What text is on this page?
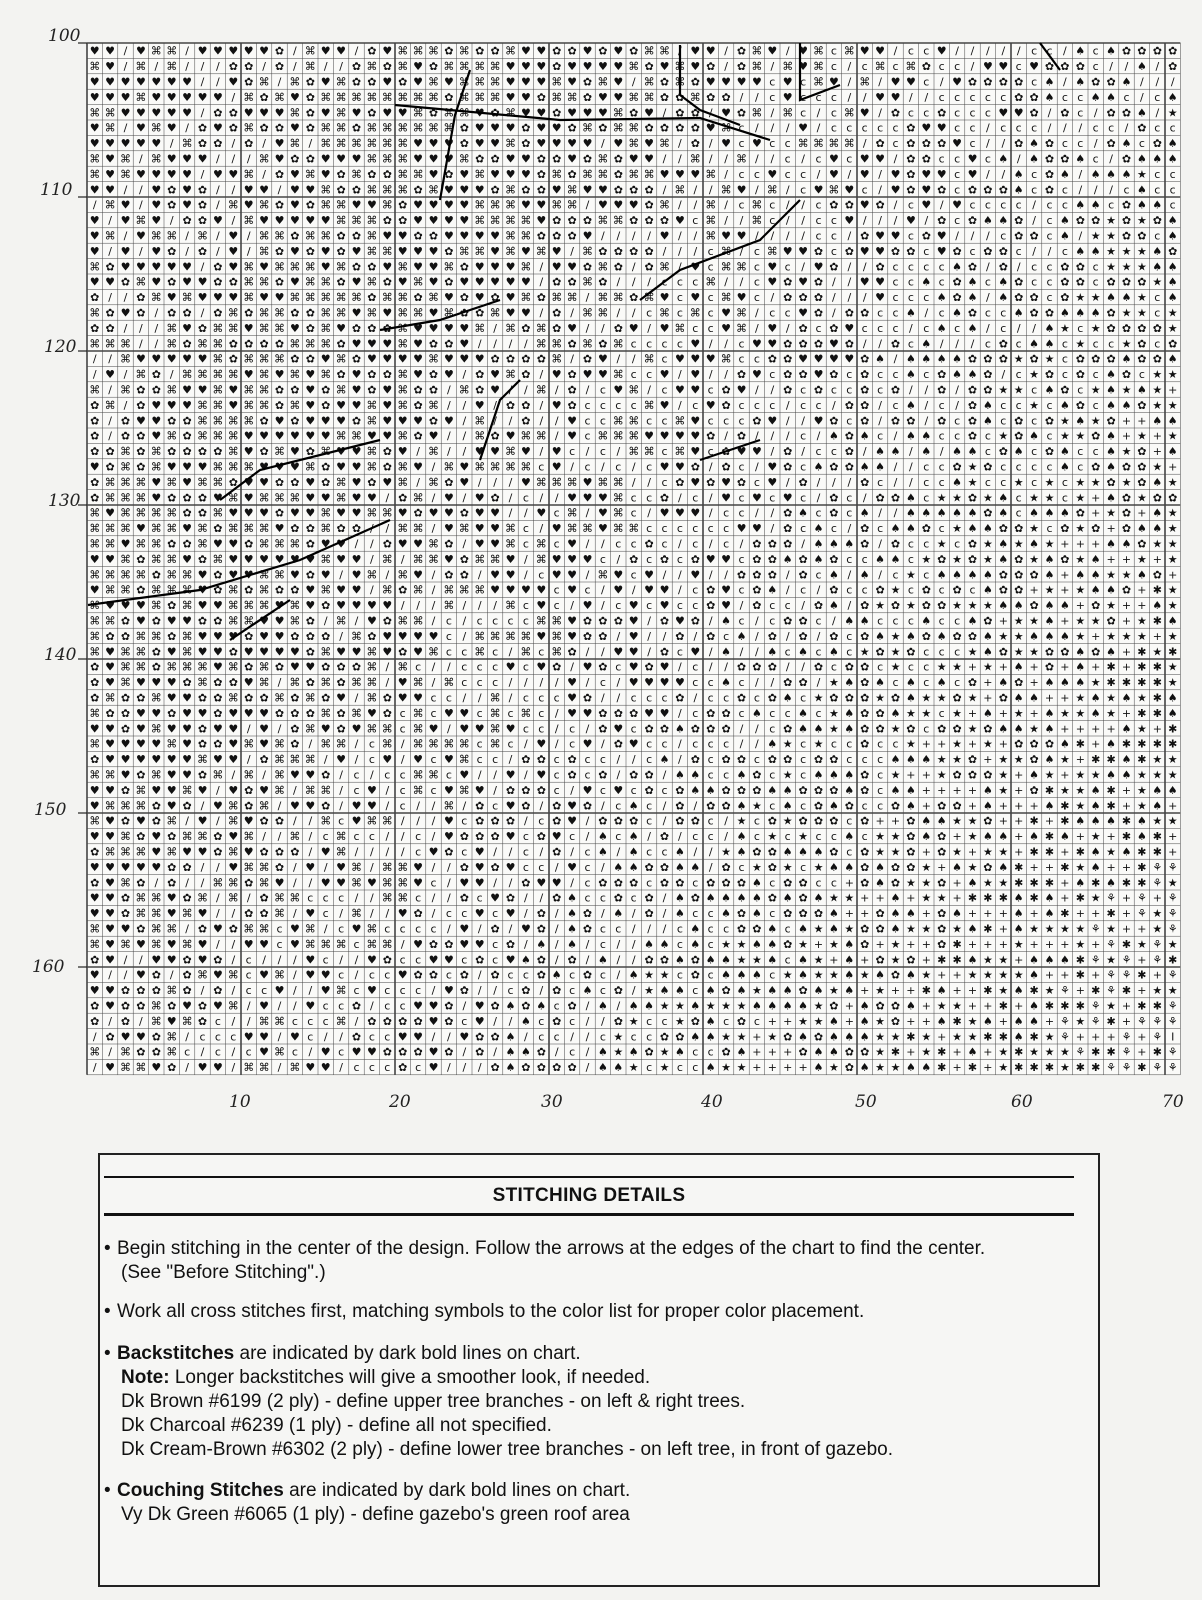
♥ ♥ / ♥ ⌘ ⌘ / ♥ ♥ ♥ ♥ ♥ ✿ / ⌘ ♥ ♥ / ✿ ♥ ⌘ ⌘ ⌘ ✿ ⌘ ✿ ✿ ⌘ ♥ ♥ ✿ ✿ ♥ ✿ ♥ ✿ ⌘ ⌘ / ♥ ♥ / ✿ ⌘ ♥ / ♥ ⌘ c ⌘ ♥ ♥ / c c ♥ / / / / / c c / ♠ c ♠ ✿ ✿ ✿ ✿
⌘ ♥ / ⌘ / ⌘ / / / ✿ ✿ / ✿ / ⌘ / / ✿ ⌘ ✿ ⌘ ♥ ✿ ⌘ ⌘ ⌘ ⌘ ♥ ♥ ♥ ✿ ♥ ♥ ♥ ♥ ⌘ ✿ ♥ ⌘ ♥ ✿ / ✿ ⌘ / ⌘ ♥ ⌘ c / c ⌘ c ⌘ ✿ c c / ♥ ♥ c ♥ ✿ ✿ ✿ c / / ♠ / ✿
♥ ♥ ♥ ♥ ♥ ♥ ♥ / / ♥ ✿ ⌘ / ⌘ ✿ ♥ ⌘ ✿ ✿ ♥ ✿ ♥ ⌘ ♥ ⌘ ⌘ ⌘ ♥ ♥ ♥ ⌘ ♥ ✿ ⌘ ♥ / ⌘ ✿ ⌘ ✿ ♥ ♥ ♥ ♥ c ♥ c ⌘ ♥ / ⌘ / ♥ ♥ c / ♥ ✿ ✿ ✿ ✿ c ♠ / ♠ ✿ ✿ ♠ / / /
♥ ♥ ♥ ⌘ ♥ ♥ ♥ ♥ ♥ / ⌘ ✿ ⌘ ♥ ✿ ⌘ ⌘ ⌘ ⌘ ⌘ ⌘ ⌘ ⌘ ✿ ⌘ ⌘ ⌘ ♥ ♥ ✿ ⌘ ⌘ ✿ ♥ ♥ ⌘ ⌘ ✿ ✿ ⌘ ✿ ✿ / / c ♥ c c c / / ♥ ♥ / / c c c c c ✿ ✿ ♠ c c ♠ ♠ c / c ♠
⌘ ⌘ ♥ ♥ ♥ ♥ ♥ / ✿ ✿ ♥ ♥ ♥ ⌘ ✿ ♥ ⌘ ♥ ✿ ♥ ♥ ⌘ ✿ ⌘ ⌘ ♥ ✿ ⌘ ♥ ♥ ✿ ♥ ♥ ♥ ⌘ ✿ ♥ / ✿ ✿ / ♥ ✿ ⌘ / ⌘ c / c ⌘ ♥ / ✿ c c ✿ c c c ♥ ♥ ✿ / ✿ c / ✿ ✿ ♠ / ★
♥ ⌘ / ♥ ⌘ ♥ / ✿ ♥ ✿ ⌘ ✿ ✿ ♥ ✿ ⌘ ⌘ ✿ ⌘ ⌘ ⌘ ⌘ ⌘ ⌘ ✿ ♥ ♥ ♥ ✿ ♥ ♥ ✿ ⌘ ✿ ⌘ ⌘ ✿ ✿ ✿ ✿ ♥ ⌘ c / / / ♥ / c c c c c ✿ ♥ ♥ c c / c c c / / / c c / ✿ c c
♥ ♥ ♥ ♥ ♥ / ⌘ ✿ ✿ / ✿ / ♥ ⌘ / ⌘ ⌘ ⌘ ⌘ ⌘ ⌘ ♥ ♥ ♥ ✿ ♥ ♥ ⌘ ✿ ♥ ♥ ♥ ♥ / ♥ ⌘ ♥ ⌘ / ✿ / ♥ c ♥ c c ⌘ ⌘ ⌘ ⌘ / ✿ c ✿ ✿ ✿ ♥ c / / ✿ ♠ ✿ c c / ✿ ♠ c ✿ ♠
⌘ ♥ ⌘ / ⌘ ♥ ♥ ♥ / / / ⌘ ♥ ✿ ✿ ♥ ♥ ♥ ⌘ ⌘ ⌘ ♥ ♥ ♥ ⌘ ✿ ✿ ♥ ♥ ✿ ✿ ♥ ✿ ⌘ ✿ ♥ ♥ / / ⌘ / / ⌘ / / c / c ♥ c ♥ ♥ / ✿ ✿ c c ♥ c ♠ / ♠ ✿ ✿ ♠ c / ✿ ♠ ♠ ♠
⌘ ♥ ⌘ ♥ ♥ ♥ ♥ / ♥ ♥ ⌘ / ✿ ♥ ⌘ ♥ ✿ ⌘ ✿ ✿ ⌘ ⌘ ♥ ✿ ♥ ⌘ ♥ ♥ ♥ ✿ ⌘ ✿ ⌘ ⌘ ✿ ⌘ ⌘ ♥ ♥ ♥ ⌘ / c c ♥ c c / ♥ / ♥ / ♥ ✿ ♥ ♥ c ♥ / / ♠ c ✿ ♠ / ♠ ♠ ♠ ★ c c
♥ ♥ / / ♥ ✿ ♥ ✿ / / ♥ ♥ / ♥ ♥ ⌘ ✿ ✿ ⌘ ⌘ ⌘ ✿ ⌘ ♥ ♥ ♥ ✿ ⌘ ✿ ✿ ♥ ⌘ ♥ ♥ ✿ ✿ ✿ / ⌘ / / ⌘ ♥ / ⌘ / c ♥ ⌘ ♥ c / ♥ ✿ ♥ ✿ c ✿ ✿ ✿ ♠ c ✿ c / / / c ♠ c c
/ ⌘ ♥ / ♥ ✿ ♥ ✿ / ⌘ ♥ ⌘ ✿ ♥ ✿ ⌘ ⌘ ♥ ♥ ⌘ ✿ ♥ ♥ ♥ ♥ ⌘ ⌘ ⌘ ♥ ♥ ⌘ ⌘ / ♥ ♥ ♥ ✿ ⌘ / / ⌘ / c ⌘ c / / c ✿ ✿ ♥ ✿ / c ♥ / ♥ c c c c / c c ♠ ♠ c ✿ ♠ ♠ c
♥ / ♥ ⌘ ♥ / ✿ ✿ ♥ / ⌘ ♥ ♥ ♥ ♥ ♥ ⌘ ⌘ ⌘ ✿ ✿ ♥ ♥ ♥ ♥ ⌘ ⌘ ⌘ ⌘ ♥ ✿ ✿ ✿ ⌘ ⌘ ✿ ✿ ✿ ♥ c ⌘ / / ⌘ c / / c c ♥ / / / ♥ / ✿ c ✿ ♠ ♠ ✿ / c ♠ ✿ ✿ ★ ✿ ★ ✿ ♠
♥ ⌘ / ♥ ⌘ ⌘ / ⌘ / ♥ / ⌘ ⌘ ✿ ⌘ ⌘ ✿ ✿ ⌘ ♥ ♥ ✿ ✿ ♥ ♥ ♥ ♥ ⌘ ⌘ ✿ ✿ ✿ ♥ / / / / ♥ / / ⌘ ♥ ♥ / / / / c c / ✿ ♥ ♥ c ✿ ♥ / / / c ✿ ✿ c ♠ / ★ ★ ✿ ✿ c ♠
♥ / ♥ / ♥ ✿ / ✿ / ♥ / ⌘ ✿ ♥ ✿ ♥ ✿ ♥ ⌘ ⌘ ♥ ♥ ♥ ✿ ⌘ ⌘ ♥ ⌘ ♥ ⌘ ♥ / ⌘ ✿ ✿ ✿ ✿ / / / c ⌘ / c ⌘ ♥ ♥ ✿ c ✿ ♥ ♥ ✿ ✿ c ♥ ✿ c ✿ ✿ c / / c ♠ ♠ ★ ★ ★ ♠ ✿
⌘ ✿ ♥ ♥ ♥ ♥ ♥ / ✿ ♥ ⌘ ♥ ⌘ ⌘ ⌘ ♥ ⌘ ✿ ✿ ♥ ⌘ ♥ ♥ ⌘ ✿ ♥ ♥ ♥ ⌘ / ♥ ♥ ✿ ⌘ ✿ / ✿ ⌘ / ♥ c ⌘ ⌘ c ♥ c / ♥ ✿ / / ✿ c c c c ♠ ✿ / ✿ / c c ✿ ✿ c ★ ★ ★ ♠ ♠
♥ ♥ ✿ ⌘ ♥ ✿ ♥ ♥ ✿ ✿ ⌘ ⌘ ✿ ♥ ⌘ ⌘ ✿ ♥ ⌘ ✿ ♥ ⌘ ♥ ✿ ♥ ♥ ♥ ♥ ♥ / ✿ ✿ ⌘ ✿ / / / c c c ⌘ / / c ♥ ✿ ♥ ✿ / / ♥ ♥ c c ♠ c ✿ ♠ c ♠ ✿ c c ✿ ✿ c ✿ ✿ ✿ ★ ♠
✿ / / ✿ ⌘ ♥ ⌘ ♥ ♥ ♥ ⌘ ♥ ♥ ⌘ ⌘ ⌘ ⌘ ⌘ ✿ ⌘ ⌘ ✿ ⌘ ♥ ✿ ♥ ✿ ♥ ⌘ ✿ ⌘ ⌘ / ⌘ ⌘ ✿ ⌘ ♥ c ♥ c ⌘ ♥ c / ✿ ✿ ✿ / / / ♥ c c c ♠ ✿ ♠ / ♠ ✿ ✿ c ✿ ★ ★ ♠ ♠ ★ c ♠
⌘ ✿ ♥ ✿ / ✿ ✿ / ✿ ⌘ ✿ ⌘ ⌘ ✿ ✿ ⌘ ⌘ ♥ ⌘ ♥ ⌘ ⌘ ♥ ⌘ ✿ ✿ ⌘ ♥ ♥ / ✿ / ⌘ ⌘ / / c ⌘ c ⌘ c ♥ ⌘ / c c ♥ ✿ / ✿ ✿ c c ♠ / c ♠ ✿ c c ♠ ✿ ✿ ♠ ♠ ♠ ✿ ★ ★ c ★
✿ ✿ / / / ⌘ ♥ ✿ ⌘ ⌘ ♥ ⌘ ⌘ ♥ ✿ ⌘ ♥ ✿ ✿ ✿ ⌘ ♥ ♥ ♥ ♥ ⌘ / ⌘ ✿ ⌘ ✿ ♥ / / ✿ ♥ / ♥ ⌘ c c ♥ ⌘ / ♥ / ✿ c ✿ ♥ c c c / c ♠ c ♠ / c / / ♠ ★ c ★ ✿ ✿ ✿ ✿ ★
⌘ ⌘ ⌘ / / ⌘ ✿ ⌘ ⌘ ✿ ✿ ✿ ✿ ⌘ ⌘ ⌘ ✿ ♥ ♥ ♥ ⌘ ♥ ✿ ✿ ♥ / / / / ⌘ ⌘ ✿ ⌘ ✿ ⌘ c c c c ♥ / / c ♥ ♥ ✿ ✿ ✿ ♥ ✿ / / ✿ c ♠ / / / c ✿ c ♠ ♠ c ★ c c ★ ✿ c ✿
/ / ⌘ ♥ ♥ ♥ ♥ ♥ ⌘ ✿ ⌘ ⌘ ⌘ ✿ ✿ ♥ ⌘ ✿ ♥ ♥ ♥ ♥ ⌘ ♥ ♥ ♥ ✿ ✿ ✿ ✿ ⌘ / ✿ ♥ / / ⌘ c ♥ ♥ ♥ ⌘ c c ✿ ✿ ♥ ♥ ♥ ♥ ✿ ♠ / ♠ ♠ ♠ ♠ ✿ ✿ ✿ ★ ✿ ★ c ✿ ✿ ✿ ♠ ✿ ✿ ♠
/ ♥ / ⌘ ✿ / ⌘ ⌘ ⌘ ⌘ ♥ ⌘ ♥ ⌘ ♥ ⌘ ✿ ♥ ✿ ✿ ⌘ ♥ ✿ ♥ / ✿ ♥ ⌘ ✿ / ♥ ✿ ♥ ♥ ⌘ c c ♥ / ♥ / / ✿ ♥ c ✿ ✿ ♥ ✿ c ✿ c c ♠ c ✿ ♠ ♠ ✿ / c ★ ✿ c ✿ c ♠ ✿ c ★ ★
⌘ / ⌘ ✿ ✿ ⌘ ♥ ♥ ⌘ ♥ ⌘ ⌘ ✿ ✿ ♥ ✿ ⌘ ♥ ✿ ♥ ⌘ ✿ ✿ / ⌘ ✿ ♥ / / ⌘ / ✿ / c ♥ ⌘ / c ♥ ♥ c ✿ ♥ / / ✿ c ✿ c c ✿ c ✿ / / ✿ / ✿ ✿ ★ ★ c ♠ ✿ c ★ ♠ ★ ♠ ★ +
✿ ⌘ / ✿ ♥ ♥ ♥ ⌘ ⌘ ♥ ⌘ ⌘ ✿ ⌘ ♥ ✿ ♥ ♥ ⌘ ♥ ⌘ ✿ ⌘ / / ♥ / ✿ ✿ / ♥ ✿ c c c c ⌘ ♥ / c ♥ ✿ c c c / c c / ✿ ✿ / c ♠ / c / ✿ ♠ c c ★ c ♠ ✿ c ♠ ♠ ✿ ★ ★
✿ / ✿ ♥ ♥ ✿ ✿ ⌘ ⌘ ⌘ ⌘ ✿ ♥ ✿ ♥ ♥ ♥ ✿ ⌘ ♥ ♥ ♥ ✿ ♥ / ⌘ / / ✿ / / ♥ c c ⌘ ⌘ c c ⌘ ♥ c c c ✿ ♥ / / ♥ ✿ c ✿ / ✿ ✿ / ✿ c ✿ ♠ c ✿ c ✿ ★ ♠ ★ ✿ + + ♠ ♠
✿ / ✿ ✿ ♥ ⌘ ✿ ⌘ ⌘ ⌘ ♥ ♥ ♥ ♥ ♥ ♥ ⌘ ⌘ ♥ ♥ ⌘ ✿ ♥ / / ⌘ ✿ ♥ ⌘ ⌘ / ♥ c ⌘ ⌘ ⌘ ♥ ♥ ♥ ♥ ✿ / ✿ / / / c / ♠ ✿ ♠ c / ♠ ♠ c c ✿ c ★ ✿ ♠ c ★ ★ ✿ ♠ + ★ + ★
✿ ✿ ⌘ ✿ ⌘ ✿ ✿ ✿ ✿ ⌘ ♥ ✿ ⌘ ♥ ✿ ⌘ ♥ ♥ ⌘ ✿ ♥ / ⌘ / / ♥ ♥ ⌘ ♥ / ♥ c / c / ⌘ ⌘ c ⌘ ♥ c ✿ ♥ ♥ / ✿ / c c ✿ / ♠ ♠ / ♠ / ♠ ♠ c ✿ ♠ c ✿ ♠ c c ♠ ★ ✿ + ♠
♥ ✿ ⌘ ✿ ⌘ ♥ ♥ ♥ ⌘ ⌘ ⌘ ♥ ♥ ♥ ⌘ ✿ ♥ ♥ ⌘ ✿ ⌘ ♥ / ⌘ ♥ ⌘ ⌘ ⌘ ⌘ c ♥ / c / c / c ♥ ♥ ✿ / ✿ c / ♥ ✿ c ♠ ✿ ✿ ♠ ♠ / / c c ✿ ★ ✿ c c c c ♠ c ✿ ♠ ✿ ✿ ★ +
✿ ⌘ ⌘ ⌘ ♥ ⌘ ♥ ⌘ ⌘ ✿ ♥ ♥ ✿ ✿ ♥ ✿ ⌘ ♥ ✿ ♥ ⌘ / ⌘ ✿ ♥ / / / ♥ ⌘ ⌘ ⌘ ♥ ⌘ ⌘ / / c ✿ ♥ ✿ ♥ ✿ c ♥ / ✿ / / / ✿ c / / c c ♠ ★ c c ★ c ★ c ★ ★ ✿ ★ ✿ ♠ ★
✿ ⌘ ⌘ ⌘ ♥ ✿ ✿ ✿ ♥ ⌘ ♥ ⌘ ⌘ ⌘ ♥ ♥ ⌘ ♥ ♥ / ✿ ⌘ / ♥ / ♥ ✿ / c / / ♥ ♥ ♥ ⌘ c c ✿ / c / ♥ c ♥ c ♥ c / ✿ c / ✿ ✿ ♠ c ★ ★ ✿ ★ ♠ c ★ ★ c ★ + ♠ ✿ ★ ✿ ✿
⌘ ♥ ⌘ ⌘ ⌘ ⌘ ✿ ✿ ⌘ ♥ ♥ ♥ ✿ ♥ ♥ ⌘ ♥ ♥ ⌘ ⌘ ♥ ✿ ♥ ♥ ✿ ♥ ♥ / / ♥ c ⌘ / ♥ ⌘ c / ♥ ♥ ♥ / c c / / ✿ ♠ c ✿ c ♠ / / ♠ ♠ ♠ ♠ ♠ ✿ ♠ c ♠ ♠ ♠ ✿ + ★ ✿ + ♠ ★
⌘ ⌘ ⌘ ♥ ⌘ ⌘ ♥ ⌘ ✿ ⌘ ⌘ ⌘ ♥ ✿ ✿ ⌘ ✿ ✿ / / ⌘ ⌘ / ♥ ⌘ ♥ ♥ ⌘ c / ♥ ⌘ ⌘ ♥ ⌘ ⌘ c c c c c c ♥ ♥ / ✿ c ♠ c / ✿ c ♠ ♠ ✿ c ★ ♠ ♠ ✿ ✿ ★ c ✿ ★ ✿ + ✿ ♠ ♠ ★
⌘ ⌘ ♥ ⌘ ⌘ ✿ ✿ ⌘ ♥ ♥ ✿ ⌘ ⌘ ⌘ ✿ ♥ ♥ / / ✿ ♥ ♥ ⌘ ✿ / ♥ ♥ ⌘ c ⌘ c ♥ / / c c ✿ c / c / c / ✿ ✿ ✿ / ♠ ♠ ♠ ✿ / ✿ c c ★ c ✿ ★ ♠ ★ ♠ ★ + + + ♠ ♠ ✿ ★ ★
♥ ♥ ⌘ ✿ ⌘ ⌘ ♥ ✿ ⌘ ♥ ♥ ♥ ♥ ♥ ♥ ⌘ ♥ ♥ / ⌘ / ⌘ ⌘ ♥ ✿ ⌘ ⌘ ♥ / ⌘ ♥ ♥ ♥ c / ✿ c ✿ c ✿ ♥ ♥ c ✿ ✿ ♠ ✿ ♠ ✿ c c ♠ ♠ c ★ ✿ ★ ✿ ★ ♠ ✿ ★ ♠ ✿ ★ ♠ + + ★ + ★
⌘ ⌘ ⌘ ⌘ ✿ ⌘ ⌘ ♥ ✿ ♥ ♥ ⌘ ⌘ ♥ ✿ ♥ / ♥ ⌘ / ⌘ ♥ / ✿ ✿ / ♥ ♥ / c ♥ ♥ / ⌘ ♥ c ♥ / / ♥ / / ✿ ✿ ✿ / ✿ c ♠ / ♠ / c ★ c ♠ ♠ ♠ ♠ ✿ ✿ ✿ ♠ + ♠ ♠ ★ ★ ♠ ✿ +
♥ ⌘ ⌘ ✿ ⌘ ⌘ ⌘ ♥ ✿ ⌘ ✿ ⌘ ✿ ✿ ♥ ⌘ ♥ ♥ / ⌘ ✿ ⌘ / ⌘ ⌘ ⌘ ♥ ♥ ♥ ♥ c ♥ c / ♥ / ♥ ♥ / c ✿ ♥ c ✿ ♠ / c / ✿ c c ✿ ★ c ✿ c ✿ c ♠ ✿ ✿ + ★ + ★ ♠ ♠ ✿ + ✱ ★
⌘ ♥ ♥ ♥ ⌘ ✿ ⌘ ♥ ♥ ⌘ ⌘ ⌘ ♥ ⌘ ♥ ✿ ♥ ♥ ♥ ♥ / / / ⌘ / / / ⌘ c ♥ c / ♥ / c ♥ c ♥ c c ✿ ♥ / ✿ c c / ✿ ♠ / ✿ ★ ✿ ★ ✿ ✿ ★ ★ ★ ♠ ♠ ✿ ♠ ♠ + ✿ ★ + + ♠ ★
⌘ ⌘ ✿ ♥ ✿ ♥ ♥ ✿ ✿ ⌘ ⌘ ♥ ♥ ⌘ ✿ / ⌘ / ♥ ✿ ⌘ ⌘ / c / c c c c ⌘ ⌘ ♥ ✿ ✿ ✿ ♥ / ✿ ♥ ✿ / ♠ c / c ✿ ✿ c / ♠ ♠ c c c ♠ c c ♠ ✿ + ★ ★ ♠ + ★ ★ ✿ + ★ ✱ ♠
⌘ ✿ ✿ ⌘ ⌘ ✿ ⌘ ♥ ♥ ♥ ✿ ♥ ♥ ✿ ✿ ✿ / ⌘ ✿ ♥ ♥ ♥ ♥ c / ⌘ ⌘ ⌘ ⌘ ♥ ⌘ ♥ ✿ ✿ / ♥ / / ✿ / ✿ c ♠ / ✿ / ✿ / ✿ c ✿ ♠ ★ ♠ ✿ ♠ ✿ ✿ ♠ ★ ★ ♠ ♠ ♠ ★ + ★ ★ ★ + ★
⌘ ♥ ⌘ ⌘ ✿ ♥ ⌘ ♥ ♥ ✿ ♥ ♥ ♥ ♥ ✿ ⌘ ♥ ♥ ⌘ ♥ ✿ ♥ ⌘ c c ⌘ c / ⌘ c ⌘ ✿ / / ♥ ♥ / ✿ c ♥ / ♠ / / ♠ c ♠ c ♠ c ★ ✿ ★ ✿ c c c ★ ♠ ✿ ★ ★ ✿ ✿ ♠ ✿ ♠ + ✱ ★ ✱
✿ ♥ ⌘ ⌘ ✿ ⌘ ⌘ ⌘ ♥ ⌘ ✿ ⌘ ✿ ♥ ♥ ✿ ✿ ✿ ⌘ / ⌘ c / / c c c ♥ c ♥ ✿ / ♥ ✿ c ♥ ✿ ♥ / c / / ✿ ✿ ✿ / / ✿ c ✿ ✿ c ★ c c ★ ★ + ★ + ♠ + ✿ + ♠ + ✱ + ✱ ✱ ★
✿ ♥ ⌘ ♥ ♥ ♥ ✿ ⌘ ✿ ✿ ♥ ⌘ / ⌘ ✿ ⌘ ✿ ⌘ ⌘ / ♥ ⌘ / ⌘ c c c / / / / ♥ / c / ♥ ♥ ♥ ♥ c c ♠ c / / ✿ ✿ / ★ ♠ ✿ ♠ c ♠ c ♠ c ✿ + ♠ ✿ + ♠ ♠ ♠ ★ ✱ ✱ ✱ ✱ ★
✿ ⌘ ✿ ✿ ⌘ ♥ ♥ ✿ ✿ ⌘ ✿ ✿ ⌘ ✿ ⌘ ✿ ♥ / ⌘ ✿ ♥ ♥ c c / / ⌘ / c c c ♥ ✿ / / c c c ✿ / c c ✿ c ✿ ♠ c ★ ✿ ✿ ✿ ★ ✿ ♠ ★ ★ ✿ ★ + ✿ ♠ ♠ + + ★ ♠ ★ ♠ ★ ✱ ♠
⌘ ✿ ✿ ♥ ♥ ✿ ♥ ♥ ✿ ♥ ♥ ♥ ✿ ✿ ✿ ⌘ ✿ ⌘ ♥ ✿ c ⌘ c ♥ ♥ c ⌘ c ⌘ c / ♥ ♥ ✿ ✿ ✿ ♥ ♥ / c ✿ ✿ c ♠ c c ♠ c ★ ♠ ✿ ✿ ♠ ★ ★ c ★ + ♠ + ★ + ♠ ★ ★ ♠ ★ + ✱ ✱ ♠
♥ ♥ ✿ ♥ ⌘ ♥ ♥ ✿ ♥ ♥ / ♥ / ✿ ⌘ ♥ ✿ ♥ ⌘ ⌘ c ⌘ ♥ / ♥ ♥ ⌘ ♥ c c / c / ✿ ♥ c ✿ ✿ ♠ ✿ ✿ ✿ / / c ✿ ♠ ♠ ★ ♠ ✿ ✿ ★ ✿ c ✿ ✿ ★ ✿ ♠ ♠ ★ ♠ + + + + ♠ ★ + ✱
⌘ ♥ ♥ ♥ ♥ ⌘ ♥ ✿ ✿ ♥ ⌘ ♥ ⌘ ✿ / ⌘ ⌘ / c ⌘ / ⌘ ⌘ ⌘ ⌘ c ⌘ c / ♥ / c ♥ / ✿ ♥ c c / c c c / / ♠ ★ c ★ c c ✿ c c ★ + + ★ + ★ + ✿ ✿ ✿ ♠ ✱ + ♠ ✱ ✱ ✱ ✱
✿ ♥ ♥ ♥ ♥ ♥ ♥ ⌘ ♥ ♥ / ✿ ⌘ ⌘ ⌘ / ♥ / c ♥ / ♥ c ♥ ⌘ c c / ✿ ✿ c ✿ c c / / c ♠ / ✿ c ✿ ✿ c ✿ ✿ c ✿ ✿ c c c ♠ ♠ ♠ ★ ★ ✿ + ★ ★ ✿ ♠ ★ + ✱ ✱ ♠ ✱ ★ ★
⌘ ⌘ ♥ ✿ ⌘ ♥ ♥ ✿ ⌘ / ⌘ / ⌘ ♥ ♥ ✿ / c / c c ⌘ ⌘ c ♥ / / ♥ / ♥ c ✿ c ✿ / ✿ ✿ / ♠ ♠ c c ♠ ✿ c ★ c ♠ ♠ ♠ ✿ c ★ + + ★ ✿ ✿ ✿ ★ + ♠ ★ + ★ ★ ♠ ♠ ★ ★ ★
♥ ♥ ✿ ⌘ ♥ ♥ ⌘ ♥ / ♥ ✿ ♥ ⌘ / ⌘ ⌘ / c ♥ / c ⌘ c ♥ ⌘ ♥ / ✿ ✿ ✿ c / ♥ c ♥ c ✿ c ✿ ♠ ♠ ✿ ✿ ✿ ♠ ♠ ✿ ✿ ✿ ♠ ✿ c ♠ ♠ + + + + ♠ ★ + ✿ ✱ ★ ★ ♠ ✱ + ★ ♠ ♠
♥ ⌘ ⌘ ⌘ ✿ ♥ ✿ / ♥ ⌘ ✿ ⌘ / ♥ ♥ ✿ / ♥ ♥ / c / / ⌘ / ✿ c ♥ ✿ / ✿ ♥ ✿ / c ♠ c / ✿ / ✿ ✿ ♠ ★ c ♠ c ✿ ♠ ✿ c c ✿ ♠ + ✿ ✿ + ♠ + + + ♠ ✱ ★ ♠ ✱ + ★ ♠ +
⌘ ♥ ✿ ♥ ✿ ⌘ / ♥ / ⌘ ♥ ✿ ✿ / / ⌘ c ♥ ⌘ ⌘ / / / ♥ c ✿ ✿ ✿ / c ✿ ♥ / ✿ ✿ ✿ c / ✿ ✿ c / ★ c ✿ ★ ✿ ✿ ✿ c ✿ + + ✿ ♠ ♠ ★ ★ ✿ + + ✱ + ✱ ♠ ♠ ♠ ✱ ♠ ★ ★
♥ ♥ ⌘ ✿ ♥ ✿ ⌘ ⌘ ✿ ♥ ⌘ / / ⌘ / c ⌘ c c / / c / ♥ ✿ ✿ ✿ ♥ c ✿ ♥ c / ♠ c ♠ / ✿ / c c / ♠ c ★ c ★ c c ♠ c ★ ★ ✿ ♠ ✿ + ★ ♠ ♠ + ♠ ✱ ♠ + ★ + ✱ ♠ ✱ +
✿ ⌘ ⌘ ⌘ ♥ ⌘ ♥ ♥ ✿ ⌘ ♥ ✿ ✿ ✿ / ♥ ⌘ / / / / c ♥ ✿ c ♥ / / c / ✿ / c ♠ / ♠ c c ♠ / / ★ ♠ ✿ ✿ ♠ ♠ ♠ ✿ c ✿ ★ ★ ✿ + ✿ ★ + ★ ★ + ✱ ✱ + ✱ ♠ ★ ♠ ✱ ✱ +
♥ ♥ ♥ ♥ ♥ ✿ ✿ / / ♥ ⌘ ⌘ ✿ / ♥ / ♥ ⌘ / ⌘ ⌘ ♥ / / ✿ ♥ ✿ ♥ c c / ♥ c / ♠ ♠ ✿ ✿ ♠ ♠ / ✿ c ★ ✿ ★ c ★ ♠ ♠ ✿ ♠ ✿ ✿ ★ + ♠ ★ ✿ ♠ ✱ + + ✱ ★ ♠ + + ✱ ⚘ ⚘
✿ ♥ ⌘ ✿ / ✿ / / ⌘ ⌘ ✿ ⌘ ♥ / / ♥ ♥ ⌘ ♥ ⌘ ⌘ ♥ c / ♥ ♥ / / ✿ ♥ ♥ / c ✿ ✿ ✿ c ✿ ✿ c ✿ ✿ ✿ ♠ c ✿ ✿ c c + ✿ ♠ ✿ ★ ★ ✿ + ♠ ★ ★ ✱ ✱ ✱ + ♠ ✱ ♠ ✱ ✱ ⚘ ★
♥ ♥ ✿ ⌘ ⌘ ♥ ✿ ⌘ / ⌘ / ✿ ⌘ ⌘ c c c / / ⌘ ⌘ c / / ✿ c ♥ ✿ / / ✿ ♠ c c ✿ c ✿ / ♠ ✿ ♠ ♠ ♠ ♠ ✿ ♠ ✿ ♠ ★ ★ + + ♠ + ★ ★ + ✱ ✱ ✱ ♠ ✱ ♠ + ✱ ★ ⚘ + ⚘ + ⚘
♥ ♥ ✿ ⌘ ⌘ ♥ ⌘ ♥ / / ✿ ✿ ⌘ / ♥ c / ⌘ / / ♥ ✿ / c c ♥ c ♥ / ✿ / ♠ ✿ / ♠ / ✿ / ♠ c c ♠ ✿ ♠ c ✿ ✿ ✿ ♠ + + ✿ ♠ ♠ + ✿ ♠ + + + ♠ + ♠ ✱ + + ✱ + ⚘ ★ ⚘
⌘ ♥ ♥ ✿ ⌘ ⌘ / ✿ ♥ ✿ ⌘ ⌘ c ♥ ⌘ / c ♥ ⌘ c c c c / ♥ / ✿ / ♥ ✿ / ♠ ✿ c c / / / c ♠ c c ✿ ✿ ♠ c ♠ ★ ♠ ★ ✿ ✿ ♠ ★ ★ ✿ ★ ♠ ✱ + ♠ ★ ★ ★ ★ ⚘ ★ + + ★ ⚘
⌘ ♥ ⌘ ♥ ⌘ ♥ ⌘ ♥ / / ♥ ♥ c ♥ ⌘ ⌘ ⌘ c ⌘ ⌘ / ♥ ✿ ✿ ♥ ♥ c ✿ / ♠ / ♠ / c / / ♠ ♠ c ♠ c ★ ★ ♠ ♠ ✿ ★ + ★ ♠ ✿ + ★ + + ✿ ✱ + + + ★ + + + ★ + ⚘ ✱ ★ ⚘ ★
✿ ♥ / / ♥ ♥ ✿ ♥ ✿ / c / / / ♥ c / / ♥ ✿ c c ♥ ♥ c ✿ c ♥ ♠ ✿ / ✿ / ♠ / / ✿ ✿ ♠ ✿ ♠ ♠ ★ ★ ♠ c ♠ ★ + ♠ + ✿ ★ ✿ + ✱ ✱ ♠ ★ ★ + ♠ ♠ ♠ ✱ ⚘ ★ ⚘ + ⚘ ✱
♥ / / ♥ ✿ / ✿ ⌘ ♥ ⌘ c ♥ ⌘ / ♥ ♥ c / c c ♥ ✿ ✿ c ✿ / ✿ c c ✿ ♠ c ✿ c / ♠ ★ ★ c ✿ c ♠ ♠ ♠ c ★ ♠ ★ ★ ♠ ★ ♠ ✿ ♠ ★ + + ★ ★ ★ ★ ♠ + + ✱ + ⚘ ⚘ ✱ + ⚘
♥ ♥ ✿ ✿ ✿ ⌘ ✿ / ✿ / c c ♥ / / ♥ ⌘ c ♥ c c c / ♥ ✿ / / c ✿ / ✿ c ♠ c ✿ / ★ ♠ ♠ c ♠ ✿ ♠ ★ ♠ ♠ ✿ ♠ ★ ♠ + ★ + + ✱ ♠ + + ✱ ★ ♠ ✱ ★ ⚘ + ✱ ⚘ ✱ + ★ ★
✿ ♥ ✿ ✿ ⌘ ✿ ♥ ✿ ♥ ⌘ / ♥ / / ♥ c c ✿ / c c ♥ ♥ ✿ / ♥ ✿ ♠ ✿ ♠ c ✿ / ♠ / ♠ ♠ ★ ★ ♠ ★ ★ ★ ♠ ♠ ♠ ♠ ★ ✿ + ♠ ✿ ✿ ♠ + ★ ★ + + ✱ + ♠ ✱ ✱ ✱ ⚘ ★ + ✱ ✱ ⚘
✿ / ✿ / ⌘ ♥ ⌘ ✿ c / / ⌘ ⌘ c c c ⌘ / ✿ ✿ ✿ ✿ ♥ ✿ c ♥ / / ♠ c ✿ c / / ✿ ★ c c ★ ✿ ♠ c ✿ c + + ★ ★ ♠ + ♠ ★ ✿ + + ♠ ✱ ★ ♠ + ♠ ♠ + ⚘ ★ ⚘ ✱ + ⚘ ⚘ ⚘
/ ✿ ♥ ♥ ✿ ⌘ / c c c ♥ ♥ / ♥ c / / ✿ c c ♥ ♥ / / ♥ ✿ ✿ ♠ / c c / / c ★ c c ✿ ✿ ♠ ♠ ★ ★ + ★ ✿ ♠ ✿ ♠ ♠ ♠ ★ ★ ✱ ★ + ★ ★ ✱ ✱ ♠ ✱ ★ ⚘ + + + ⚘ + ⚘ I
⌘ / ⌘ ✿ ✿ ⌘ c / c / c ♥ ⌘ c / ♥ c ♥ ♥ ✿ ✿ ✿ ♥ ✿ / ✿ / ♠ ♠ ✿ / c / ♠ ★ ♠ ✿ ★ ♠ c c ✿ ♠ + + + ✿ ♠ ♠ ✿ ✿ ★ ✱ + ★ ✱ + ♠ + ★ ✱ ★ ★ ★ ⚘ ✱ ✱ ⚘ + ✱ ⚘
/ ♥ ⌘ ⌘ ♥ ✿ / ♥ ♥ / ⌘ ⌘ / ⌘ ♥ ♥ / c c c ✿ c ♥ / / / ✿ ♠ ✿ ✿ ✿ ✿ / ♠ ♠ ★ c ★ c c ♠ ★ ★ + + + + ♠ ★ ✿ ♠ ★ ★ ♠ ♠ ✱ + ✱ + ★ ✱ ✱ ✱ ★ ✱ ✱ ⚘ ⚘ ✱ ⚘ ⚘
100
110
120
130
140
150
160
10	20	30	40	50	60	70
STITCHING DETAILS
• Begin stitching in the center of the design. Follow the arrows at the edges of the chart to find the center.
(See "Before Stitching".)
• Work all cross stitches first, matching symbols to the color list for proper color placement.
• Backstitches are indicated by dark bold lines on chart.
Note: Longer backstitches will give a smoother look, if needed.
Dk Brown #6199 (2 ply) - define upper tree branches - on left & right trees.
Dk Charcoal #6239 (1 ply) - define all not specified.
Dk Cream-Brown #6302 (2 ply) - define lower tree branches - on left tree, in front of gazebo.
• Couching Stitches are indicated by dark bold lines on chart.
Vy Dk Green #6065 (1 ply) - define gazebo's green roof area
